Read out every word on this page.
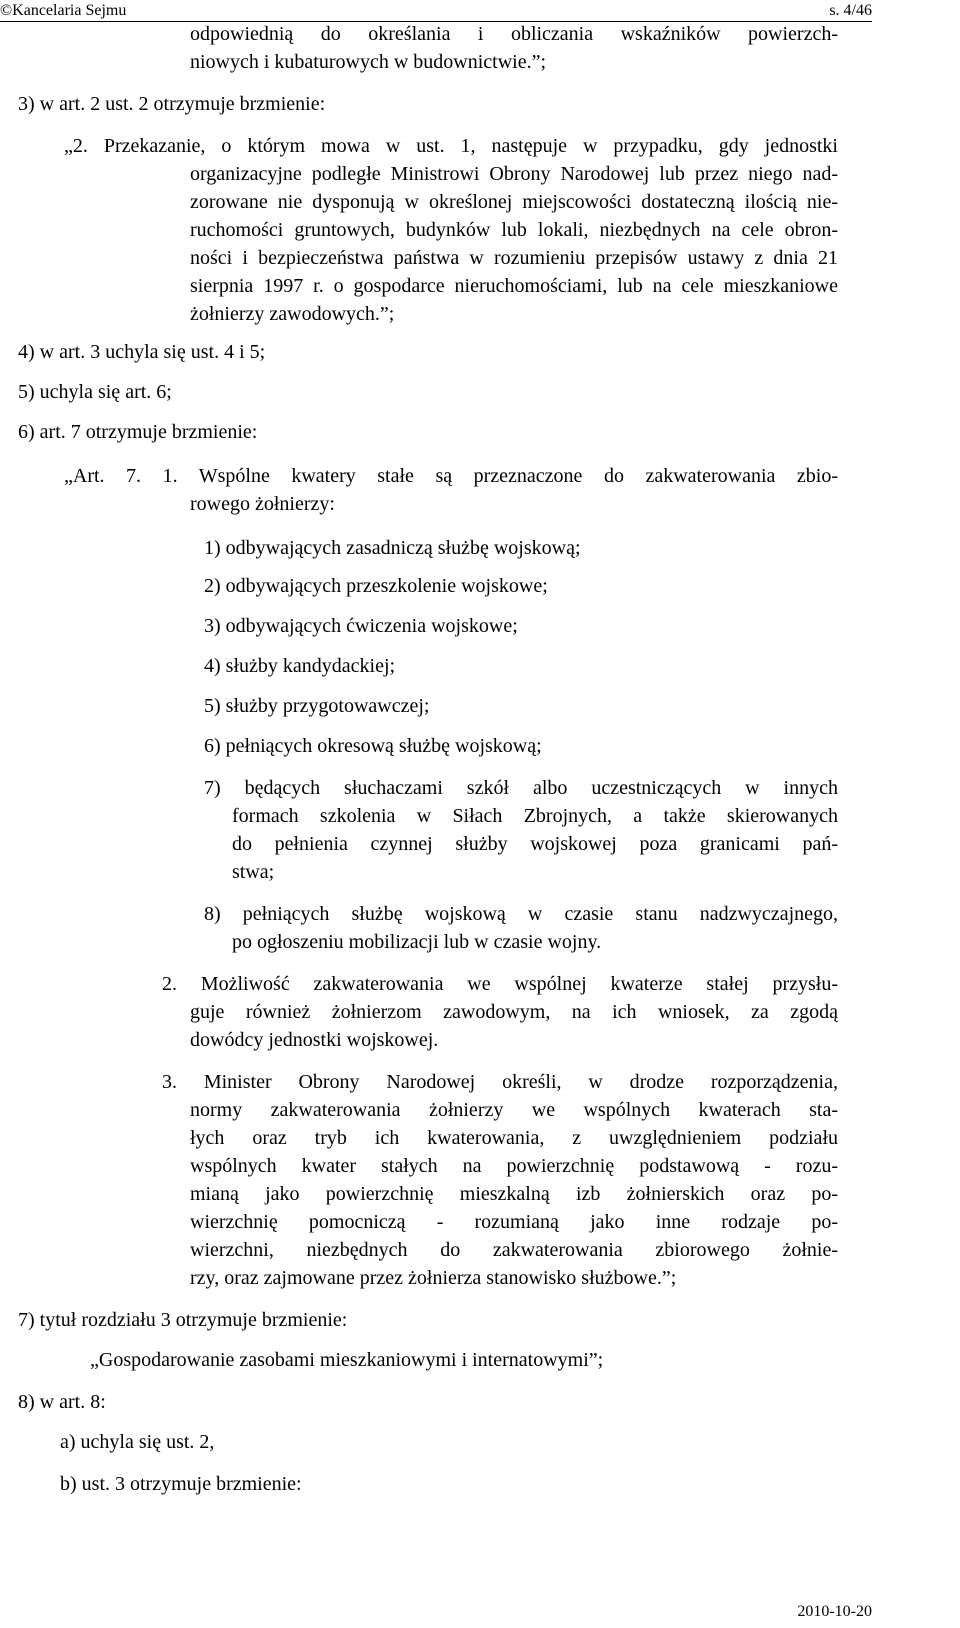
©Kancelaria Sejmu	s. 4/46
odpowiednią do określania i obliczania wskaźników powierzch-
niowych i kubaturowych w budownictwie.”;
3) w art. 2 ust. 2 otrzymuje brzmienie:
„2. Przekazanie, o którym mowa w ust. 1, następuje w przypadku, gdy jednostki
organizacyjne podległe Ministrowi Obrony Narodowej lub przez niego nad-
zorowane nie dysponują w określonej miejscowości dostateczną ilością nie-
ruchomości gruntowych, budynków lub lokali, niezbędnych na cele obron-
ności i bezpieczeństwa państwa w rozumieniu przepisów ustawy z dnia 21
sierpnia 1997 r. o gospodarce nieruchomościami, lub na cele mieszkaniowe
żołnierzy zawodowych.”;
4) w art. 3 uchyla się ust. 4 i 5;
5) uchyla się art. 6;
6) art. 7 otrzymuje brzmienie:
„Art. 7. 1. Wspólne kwatery stałe są przeznaczone do zakwaterowania zbio-
rowego żołnierzy:
1) odbywających zasadniczą służbę wojskową;
2) odbywających przeszkolenie wojskowe;
3) odbywających ćwiczenia wojskowe;
4) służby kandydackiej;
5) służby przygotowawczej;
6) pełniących okresową służbę wojskową;
7) będących słuchaczami szkół albo uczestniczących w innych
formach szkolenia w Siłach Zbrojnych, a także skierowanych
do pełnienia czynnej służby wojskowej poza granicami pań-
stwa;
8) pełniących służbę wojskową w czasie stanu nadzwyczajnego,
po ogłoszeniu mobilizacji lub w czasie wojny.
2. Możliwość zakwaterowania we wspólnej kwaterze stałej przysłu-
guje również żołnierzom zawodowym, na ich wniosek, za zgodą
dowódcy jednostki wojskowej.
3. Minister Obrony Narodowej określi, w drodze rozporządzenia,
normy zakwaterowania żołnierzy we wspólnych kwaterach sta-
łych oraz tryb ich kwaterowania, z uwzględnieniem podziału
wspólnych kwater stałych na powierzchnię podstawową - rozu-
mianą jako powierzchnię mieszkalną izb żołnierskich oraz po-
wierzchnię pomocniczą - rozumianą jako inne rodzaje po-
wierzchni, niezbędnych do zakwaterowania zbiorowego żołnie-
rzy, oraz zajmowane przez żołnierza stanowisko służbowe.”;
7) tytuł rozdziału 3 otrzymuje brzmienie:
„Gospodarowanie zasobami mieszkaniowymi i internatowymi”;
8) w art. 8:
a) uchyla się ust. 2,
b) ust. 3 otrzymuje brzmienie:
2010-10-20
